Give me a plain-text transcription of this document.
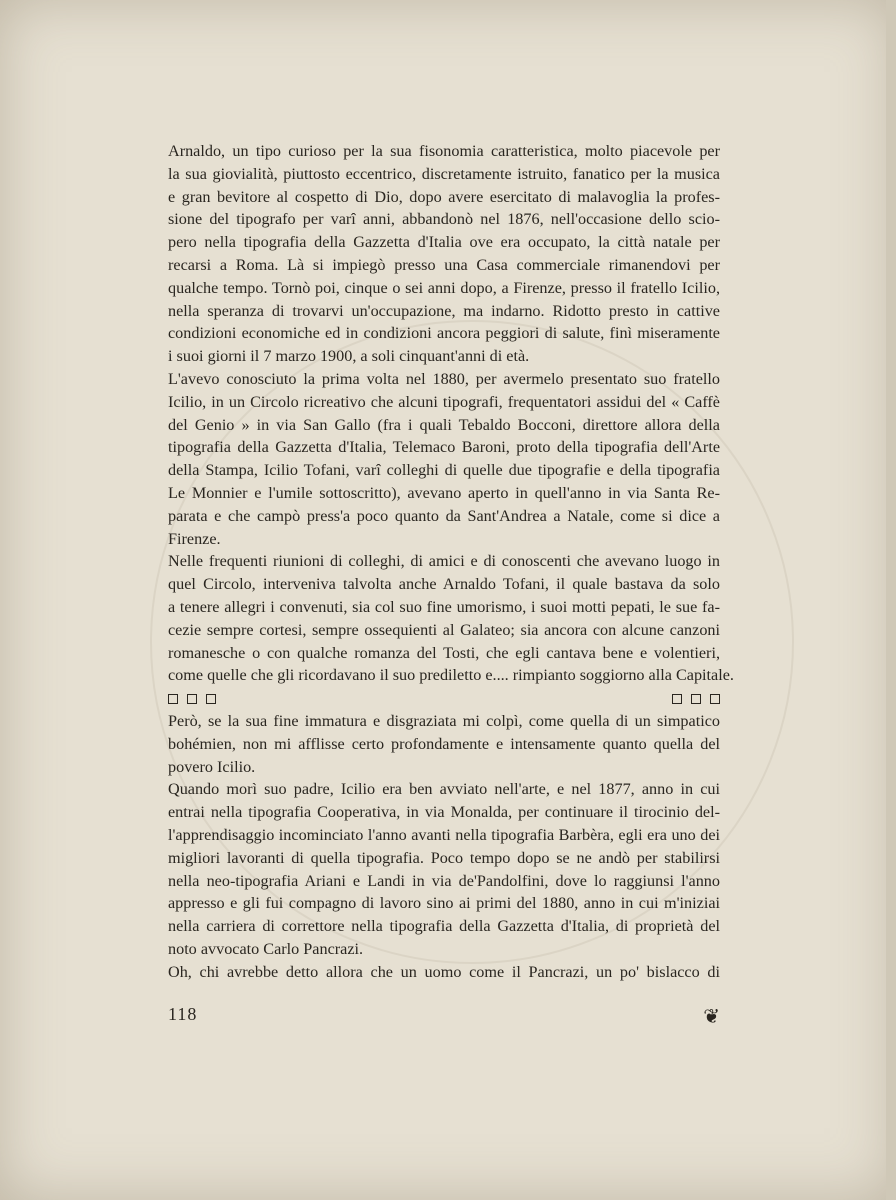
Arnaldo, un tipo curioso per la sua fisonomia caratteristica, molto piacevole per
la sua giovialità, piuttosto eccentrico, discretamente istruito, fanatico per la musica
e gran bevitore al cospetto di Dio, dopo avere esercitato di malavoglia la profes-
sione del tipografo per varî anni, abbandonò nel 1876, nell'occasione dello scio-
pero nella tipografia della Gazzetta d'Italia ove era occupato, la città natale per
recarsi a Roma. Là si impiegò presso una Casa commerciale rimanendovi per
qualche tempo. Tornò poi, cinque o sei anni dopo, a Firenze, presso il fratello Icilio,
nella speranza di trovarvi un'occupazione, ma indarno. Ridotto presto in cattive
condizioni economiche ed in condizioni ancora peggiori di salute, finì miseramente
i suoi giorni il 7 marzo 1900, a soli cinquant'anni di età.
L'avevo conosciuto la prima volta nel 1880, per avermelo presentato suo fratello
Icilio, in un Circolo ricreativo che alcuni tipografi, frequentatori assidui del « Caffè
del Genio » in via San Gallo (fra i quali Tebaldo Bocconi, direttore allora della
tipografia della Gazzetta d'Italia, Telemaco Baroni, proto della tipografia dell'Arte
della Stampa, Icilio Tofani, varî colleghi di quelle due tipografie e della tipografia
Le Monnier e l'umile sottoscritto), avevano aperto in quell'anno in via Santa Re-
parata e che campò press'a poco quanto da Sant'Andrea a Natale, come si dice a
Firenze.
Nelle frequenti riunioni di colleghi, di amici e di conoscenti che avevano luogo in
quel Circolo, interveniva talvolta anche Arnaldo Tofani, il quale bastava da solo
a tenere allegri i convenuti, sia col suo fine umorismo, i suoi motti pepati, le sue fa-
cezie sempre cortesi, sempre ossequienti al Galateo; sia ancora con alcune canzoni
romanesche o con qualche romanza del Tosti, che egli cantava bene e volentieri,
come quelle che gli ricordavano il suo prediletto e.... rimpianto soggiorno alla Capitale.
Però, se la sua fine immatura e disgraziata mi colpì, come quella di un simpatico
bohémien, non mi afflisse certo profondamente e intensamente quanto quella del
povero Icilio.
Quando morì suo padre, Icilio era ben avviato nell'arte, e nel 1877, anno in cui
entrai nella tipografia Cooperativa, in via Monalda, per continuare il tirocinio del-
l'apprendisaggio incominciato l'anno avanti nella tipografia Barbèra, egli era uno dei
migliori lavoranti di quella tipografia. Poco tempo dopo se ne andò per stabilirsi
nella neo-tipografia Ariani e Landi in via de'Pandolfini, dove lo raggiunsi l'anno
appresso e gli fui compagno di lavoro sino ai primi del 1880, anno in cui m'iniziai
nella carriera di correttore nella tipografia della Gazzetta d'Italia, di proprietà del
noto avvocato Carlo Pancrazi.
Oh, chi avrebbe detto allora che un uomo come il Pancrazi, un po' bislacco di
118	❦
